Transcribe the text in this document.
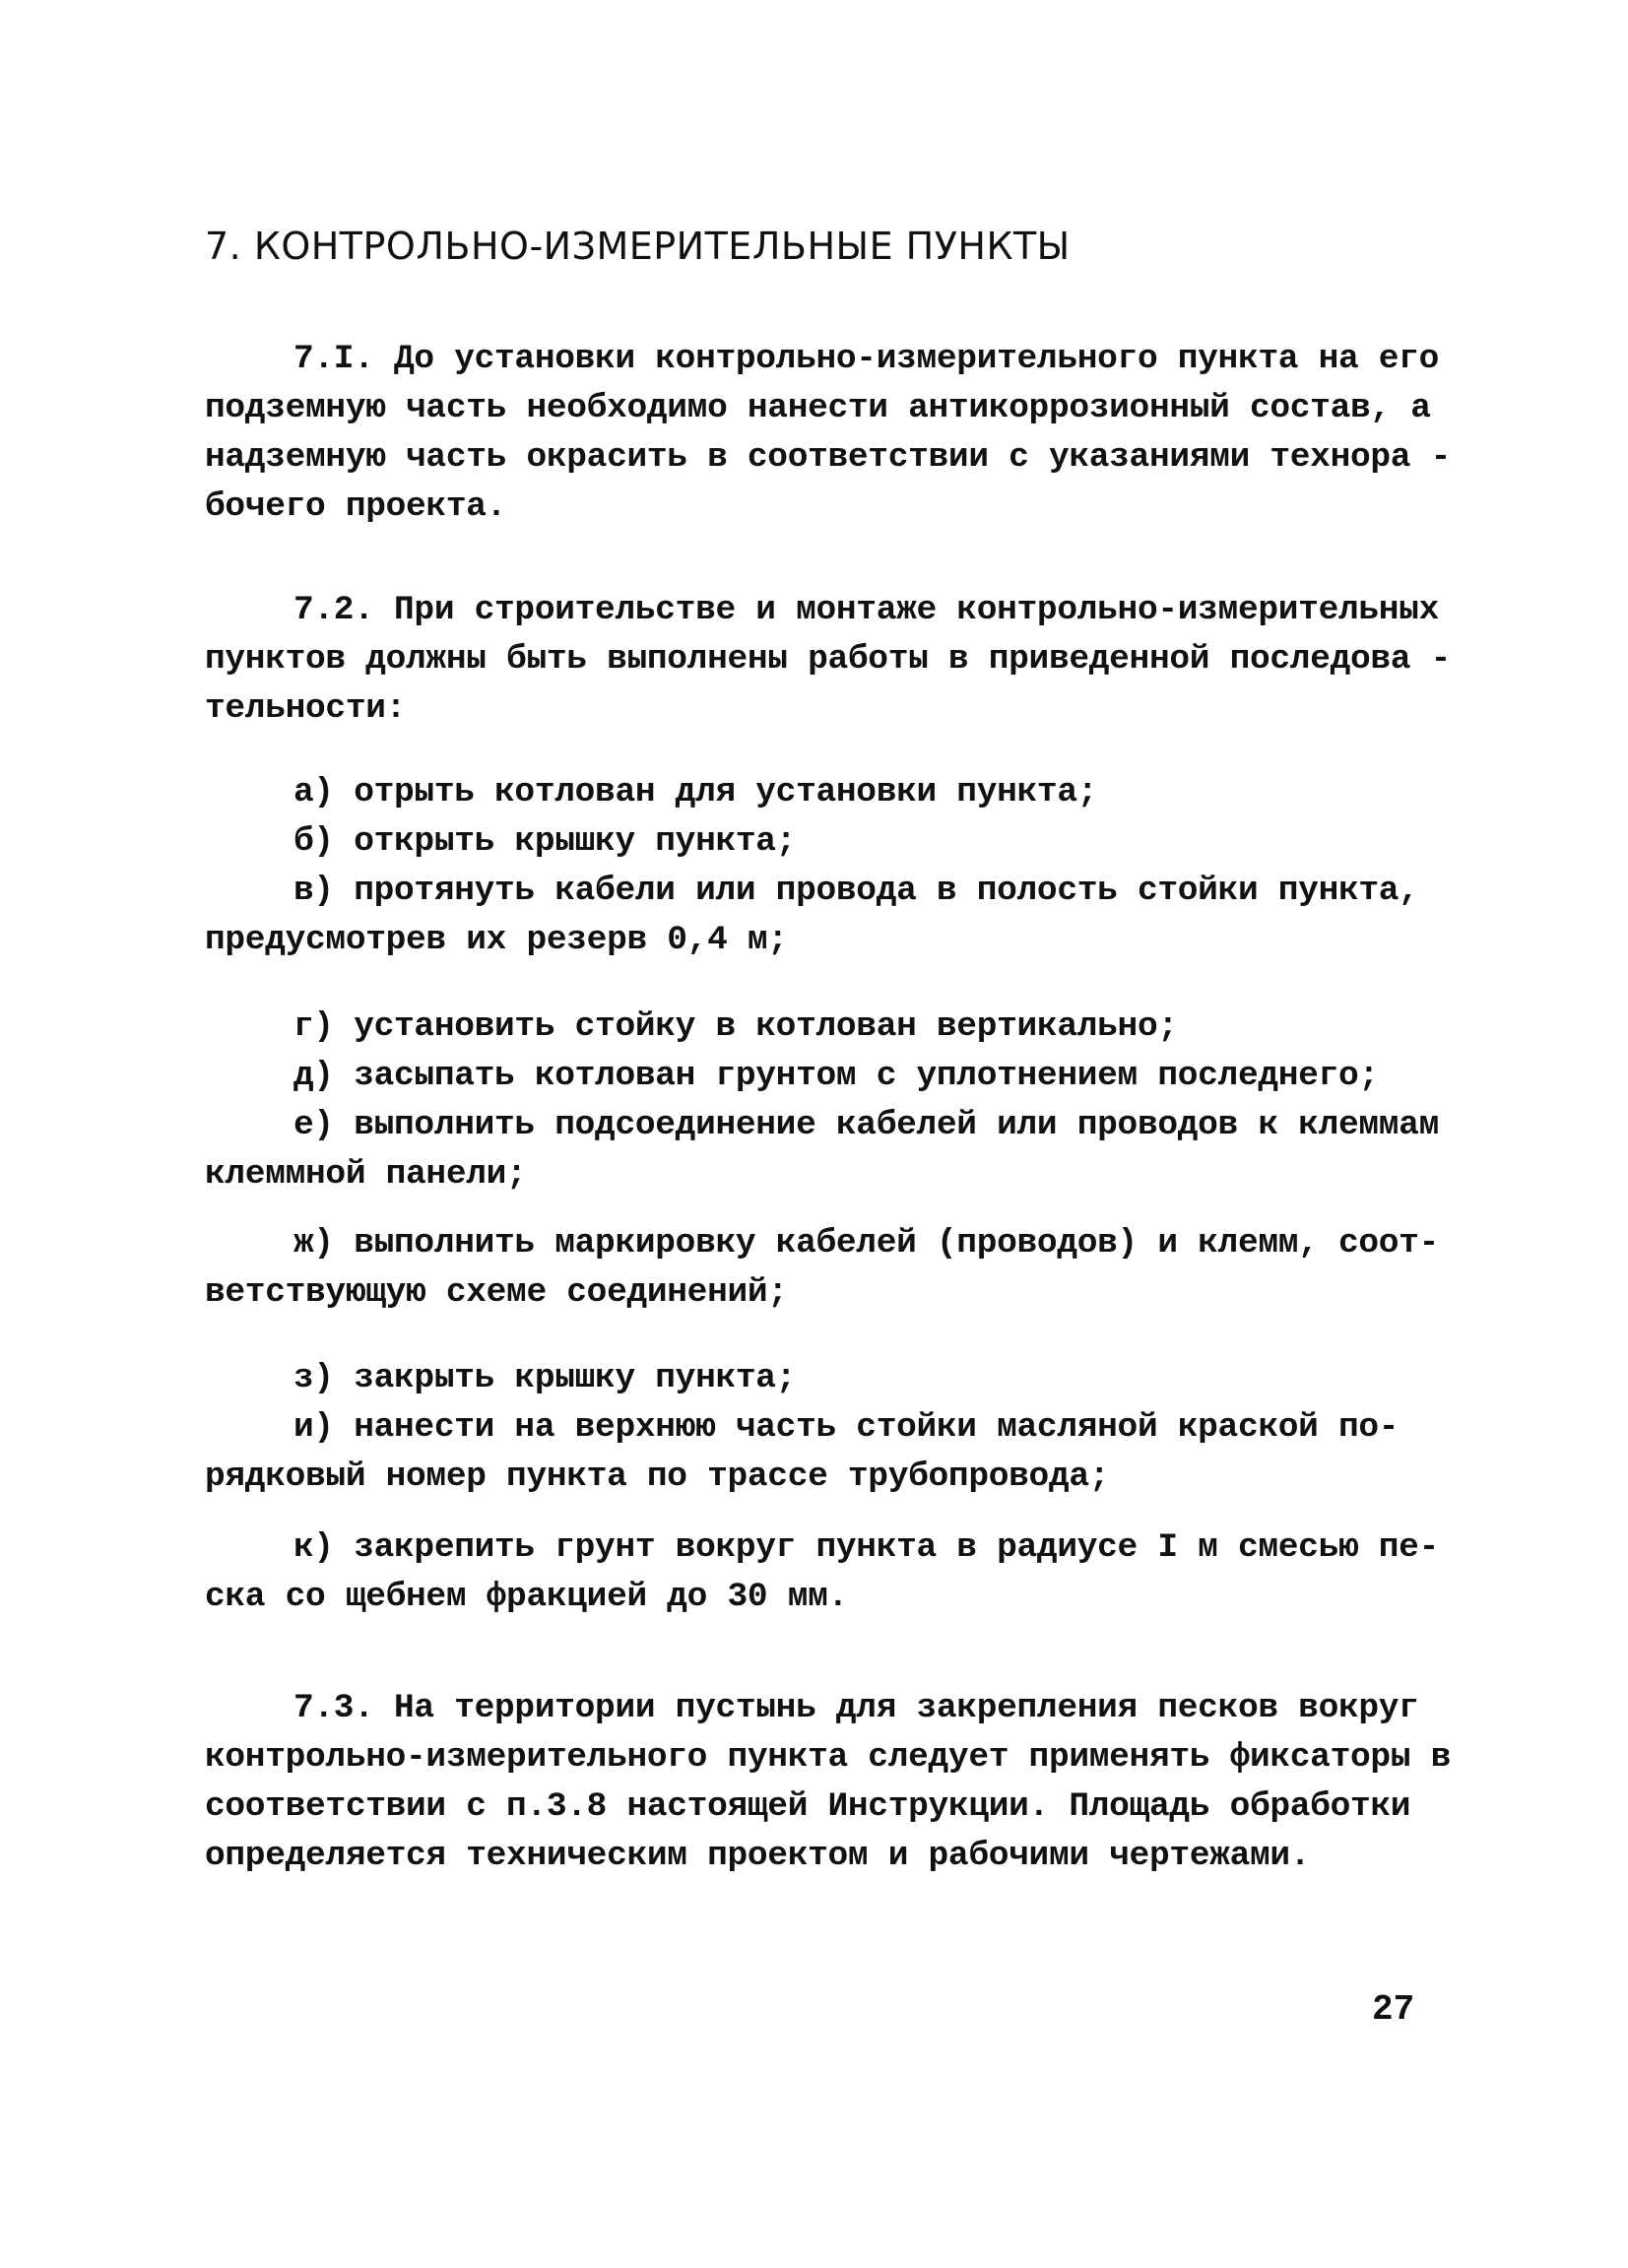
7. КОНТРОЛЬНО-ИЗМЕРИТЕЛЬНЫЕ ПУНКТЫ
7.I. До установки контрольно-измерительного пункта на его
подземную часть необходимо нанести антикоррозионный состав, а
надземную часть окрасить в соответствии с указаниями технора -
бочего проекта.
7.2. При строительстве и монтаже контрольно-измерительных
пунктов должны быть выполнены работы в приведенной последова -
тельности:
а) отрыть котлован для установки пункта;
б) открыть крышку пункта;
в) протянуть кабели или провода в полость стойки пункта,
предусмотрев их резерв 0,4 м;
г) установить стойку в котлован вертикально;
д) засыпать котлован грунтом с уплотнением последнего;
е) выполнить подсоединение кабелей или проводов к клеммам
клеммной панели;
ж) выполнить маркировку кабелей (проводов) и клемм, соот-
ветствующую схеме соединений;
з) закрыть крышку пункта;
и) нанести на верхнюю часть стойки масляной краской по-
рядковый номер пункта по трассе трубопровода;
к) закрепить грунт вокруг пункта в радиусе I м смесью пе-
ска со щебнем фракцией до 30 мм.
7.3. На территории пустынь для закрепления песков вокруг
контрольно-измерительного пункта следует применять фиксаторы в
соответствии с п.3.8 настоящей Инструкции. Площадь обработки
определяется техническим проектом и рабочими чертежами.
27
